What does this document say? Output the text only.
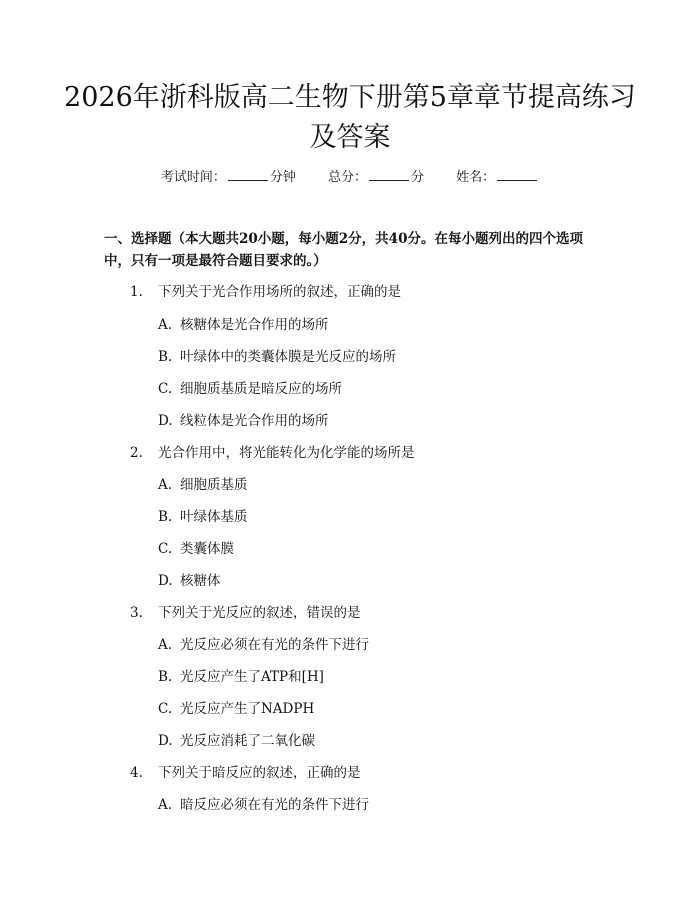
2026年浙科版高二生物下册第5章章节提高练习及答案
考试时间：	分钟 总分：	分 姓名：

一、选择题（本大题共20小题，每小题2分，共40分。在每小题列出的四个选项中，只有一项是最符合题目要求的。）

1. 下列关于光合作用场所的叙述，正确的是
A. 核糖体是光合作用的场所
B. 叶绿体中的类囊体膜是光反应的场所
C. 细胞质基质是暗反应的场所
D. 线粒体是光合作用的场所
2. 光合作用中，将光能转化为化学能的场所是
A. 细胞质基质
B. 叶绿体基质
C. 类囊体膜
D. 核糖体
3. 下列关于光反应的叙述，错误的是
A. 光反应必须在有光的条件下进行
B. 光反应产生了ATP和[H]
C. 光反应产生了NADPH
D. 光反应消耗了二氧化碳
4. 下列关于暗反应的叙述，正确的是
A. 暗反应必须在有光的条件下进行
